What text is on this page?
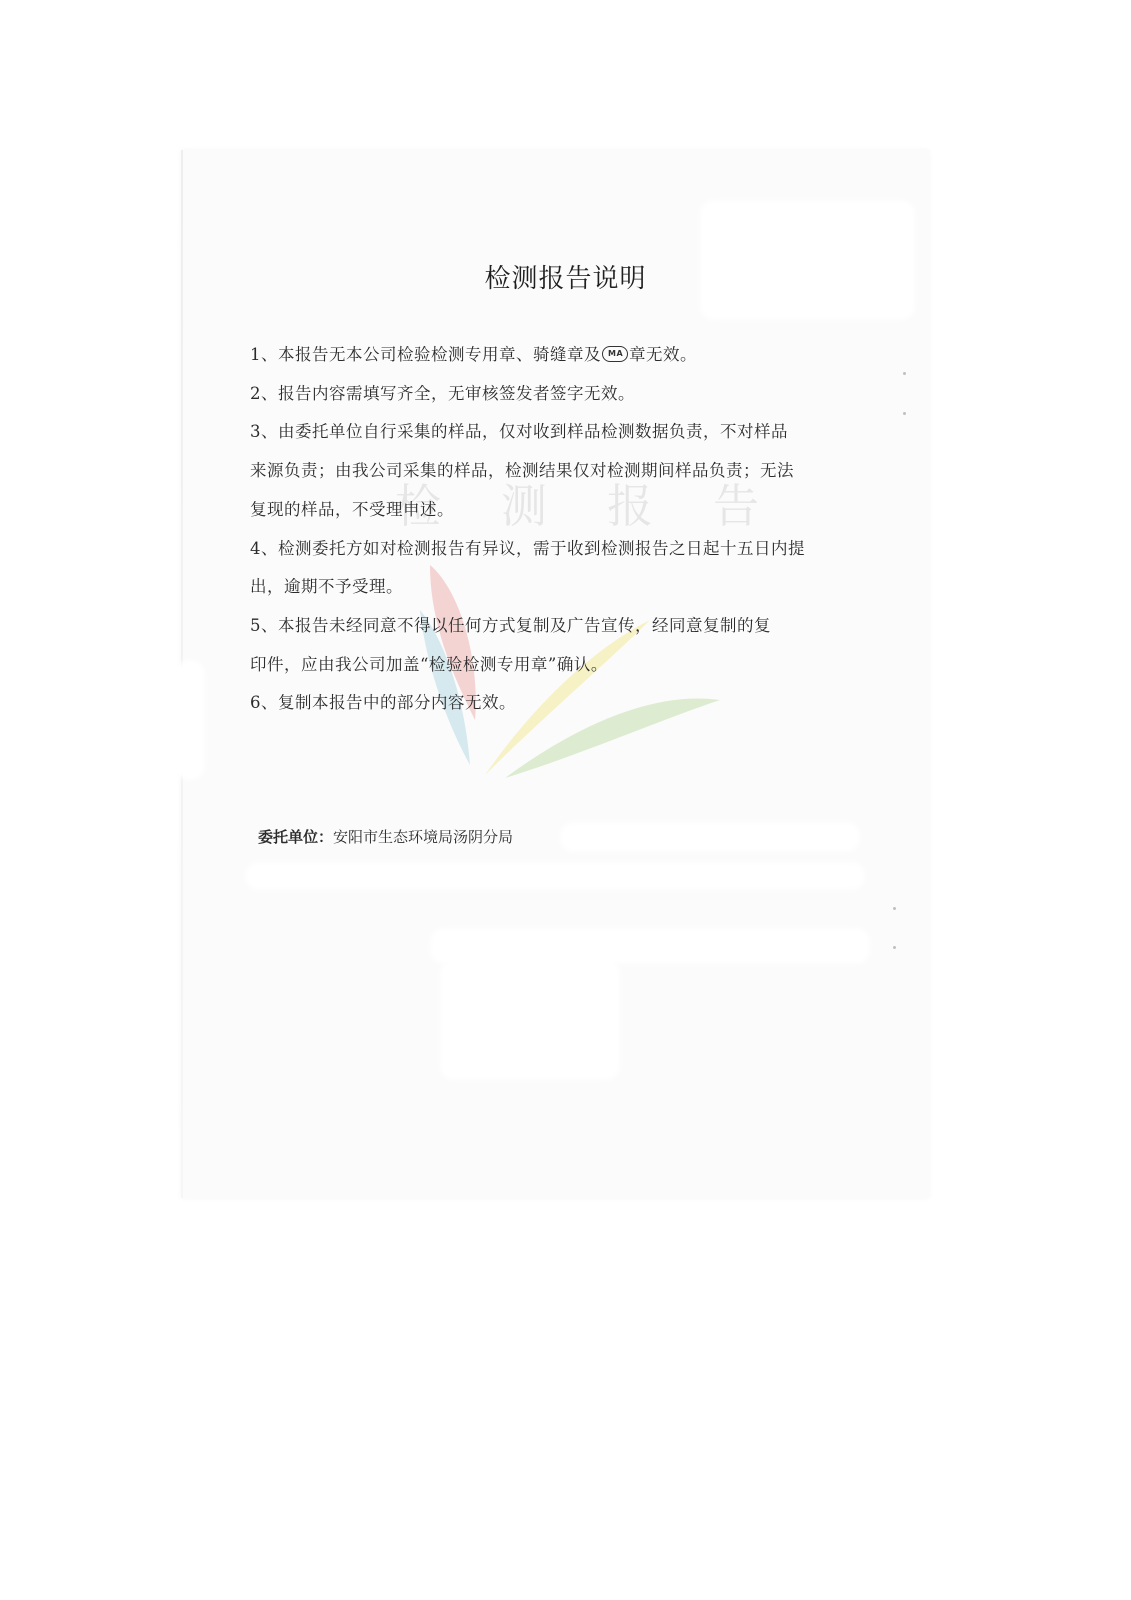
检测报告

检测报告说明

1、本报告无本公司检验检测专用章、骑缝章及MA 章无效。

2、报告内容需填写齐全，无审核签发者签字无效。

3、由委托单位自行采集的样品，仅对收到样品检测数据负责，不对样品
来源负责；由我公司采集的样品，检测结果仅对检测期间样品负责；无法
复现的样品，不受理申述。

4、检测委托方如对检测报告有异议，需于收到检测报告之日起十五日内提
出，逾期不予受理。

5、本报告未经同意不得以任何方式复制及广告宣传，经同意复制的复
印件，应由我公司加盖“检验检测专用章”确认。

6、复制本报告中的部分内容无效。

委托单位：安阳市生态环境局汤阴分局
